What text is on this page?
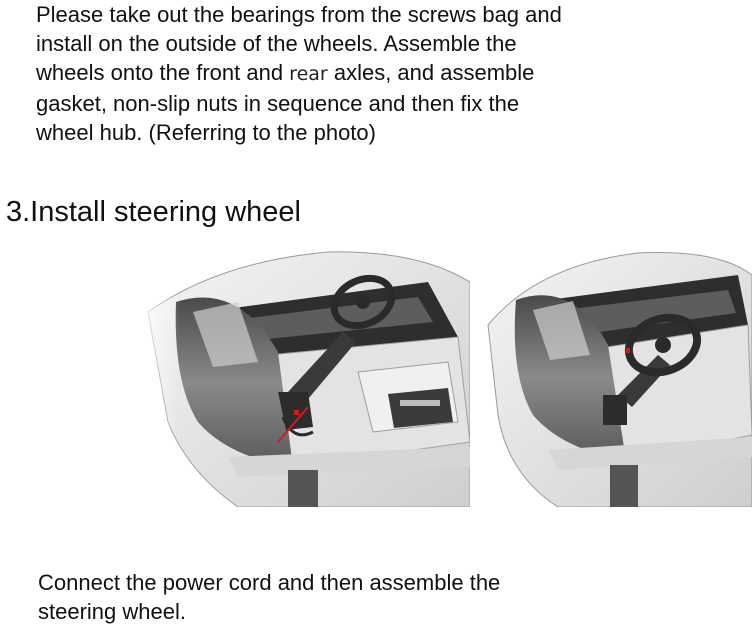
Please take out the bearings from the screws bag and
install on the outside of the wheels. Assemble the
wheels onto the front and rear axles, and assemble
gasket, non-slip nuts in sequence and then fix the
wheel hub. (Referring to the photo)

3.Install steering wheel

Connect the power cord and then assemble the
steering wheel.
